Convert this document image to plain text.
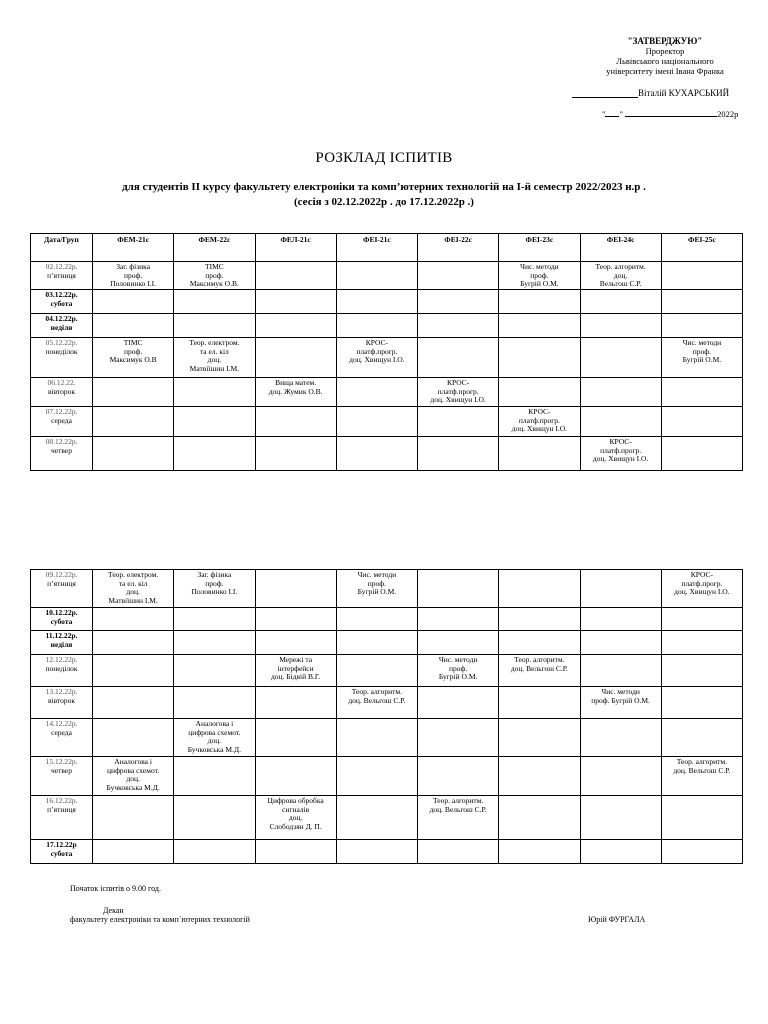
"ЗАТВЕРДЖУЮ"
Проректор
Львівського національного
університету імені Івана Франка
Віталій КУХАРСЬКИЙ
" "	2022р
РОЗКЛАД ІСПИТІВ
для студентів ІІ курсу факультету електроніки та комп’ютерних технологій на І-й семестр 2022/2023 н.р .
(сесія з 02.12.2022р . до 17.12.2022р .)
Дата/Груп	ФЕМ-21с	ФЕМ-22с	ФЕЛ-21с	ФЕІ-21с	ФЕІ-22с	ФЕІ-23с	ФЕІ-24с	ФЕІ-25с
02.12.22р.
п’ятниця	Заг. фізика
проф.
Половинко І.І.	ТІМС
проф.
Максимук О.В.				Чис. методи
проф.
Бугрій О.М.	Теор. алгоритм.
доц.
Вельгош С.Р.	
03.12.22р.
субота								
04.12.22р.
неділя								
05.12.22р.
понеділок	ТІМС
проф.
Максимук О.В	Теор. електром.
та ел. кіл
доц.
Матвіїшин І.М.		КРОС-
платф.прогр.
доц. Хвищун І.О.				Чис. методи
проф.
Бугрій О.М.
06.12.22.
вівторок			Вища матем.
доц. Жумик О.В.		КРОС-
платф.прогр.
доц. Хвищун І.О.			
07.12.22р.
середа						КРОС-
платф.прогр.
доц. Хвищун І.О.		
08.12.22р.
четвер							КРОС-
платф.прогр.
доц. Хвищун І.О.	
09.12.22р.
п’ятниця	Теор. електром.
та ел. кіл
доц.
Матвіїшин І.М.	Заг. фізика
проф.
Половинко І.І.		Чис. методи
проф.
Бугрій О.М.				КРОС-
платф.прогр.
доц. Хвищун І.О.
10.12.22р.
субота								
11.12.22р.
неділя								
12.12.22р.
понеділок			Мережі та
інтерфейси
доц. Бідвій В.Г.		Чис. методи
проф.
Бугрій О.М.	Теор. алгоритм.
доц. Вельгош С.Р.		
13.12.22р.
вівторок				Теор. алгоритм.
доц. Вельгош С.Р.			Чис. методи
проф. Бугрій О.М.	
14.12.22р.
середа		Аналогова і
цифрова схемот.
доц.
Бучковська М.Д.						
15.12.22р.
четвер	Аналогова і
цифрова схемот.
доц.
Бучковська М.Д.							Теор. алгоритм.
доц. Вельгош С.Р.
16.12.22р.
п’ятниця			Цифрова обробка
сигналів
доц.
Слободзян Д. П.		Теор. алгоритм.
доц. Вельгош С.Р.			
17.12.22р
субота								
Початок іспитів о 9.00 год.
Декан
факультету електроніки та комп`ютерних технологій	Юрій ФУРГАЛА
